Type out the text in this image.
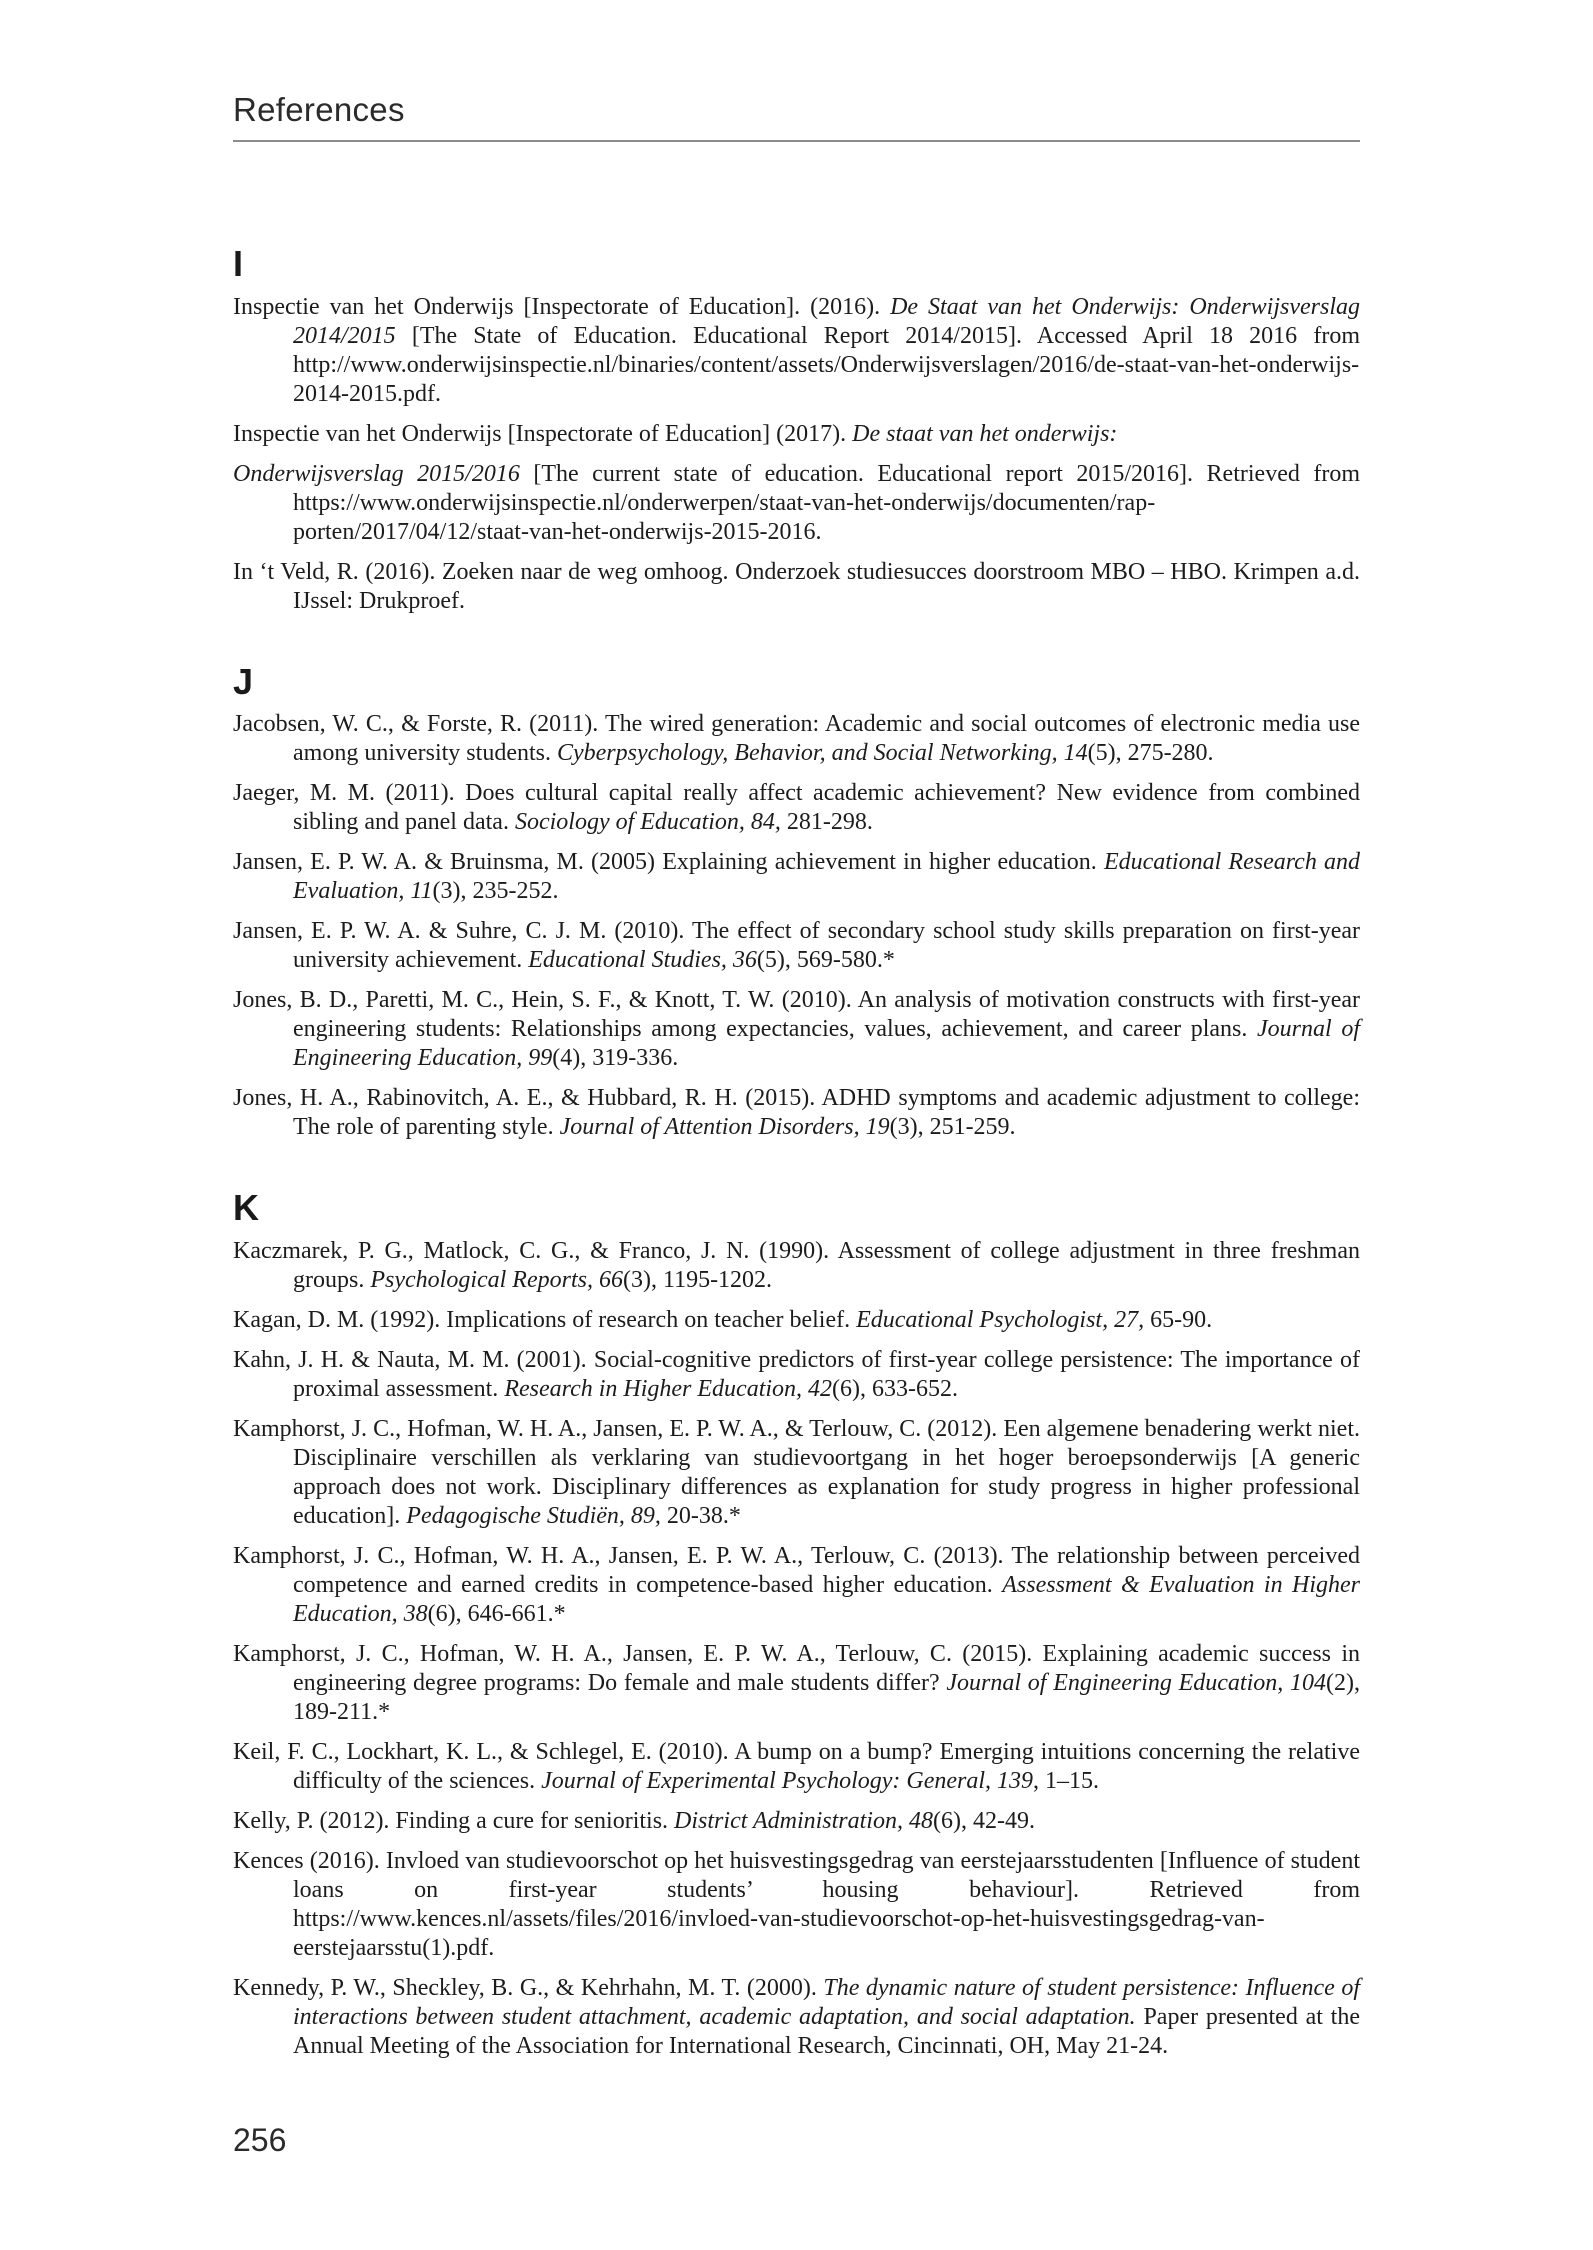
References
I

Inspectie van het Onderwijs [Inspectorate of Education]. (2016). De Staat van het Onderwijs: Onderwijsverslag 2014/2015 [The State of Education. Educational Report 2014/2015]. Accessed April 18 2016 from http://www.onderwijsinspectie.nl/binaries/content/assets/Onderwijsverslagen/2016/de-staat-van-het-onderwijs-2014-2015.pdf.

Inspectie van het Onderwijs [Inspectorate of Education] (2017). De staat van het onderwijs:

Onderwijsverslag 2015/2016 [The current state of education. Educational report 2015/2016]. Retrieved from https://www.onderwijsinspectie.nl/onderwerpen/staat-van-het-onderwijs/documenten/rap-porten/2017/04/12/staat-van-het-onderwijs-2015-2016.

In ‘t Veld, R. (2016). Zoeken naar de weg omhoog. Onderzoek studiesucces doorstroom MBO – HBO. Krimpen a.d. IJssel: Drukproef.

J

Jacobsen, W. C., & Forste, R. (2011). The wired generation: Academic and social outcomes of electronic media use among university students. Cyberpsychology, Behavior, and Social Networking, 14(5), 275-280.

Jaeger, M. M. (2011). Does cultural capital really affect academic achievement? New evidence from combined sibling and panel data. Sociology of Education, 84, 281-298.

Jansen, E. P. W. A. & Bruinsma, M. (2005) Explaining achievement in higher education. Educational Research and Evaluation, 11(3), 235-252.

Jansen, E. P. W. A. & Suhre, C. J. M. (2010). The effect of secondary school study skills preparation on first-year university achievement. Educational Studies, 36(5), 569-580.*

Jones, B. D., Paretti, M. C., Hein, S. F., & Knott, T. W. (2010). An analysis of motivation constructs with first-year engineering students: Relationships among expectancies, values, achievement, and career plans. Journal of Engineering Education, 99(4), 319-336.

Jones, H. A., Rabinovitch, A. E., & Hubbard, R. H. (2015). ADHD symptoms and academic adjustment to college: The role of parenting style. Journal of Attention Disorders, 19(3), 251-259.

K

Kaczmarek, P. G., Matlock, C. G., & Franco, J. N. (1990). Assessment of college adjustment in three freshman groups. Psychological Reports, 66(3), 1195-1202.

Kagan, D. M. (1992). Implications of research on teacher belief. Educational Psychologist, 27, 65-90.

Kahn, J. H. & Nauta, M. M. (2001). Social-cognitive predictors of first-year college persistence: The importance of proximal assessment. Research in Higher Education, 42(6), 633-652.

Kamphorst, J. C., Hofman, W. H. A., Jansen, E. P. W. A., & Terlouw, C. (2012). Een algemene benadering werkt niet. Disciplinaire verschillen als verklaring van studievoortgang in het hoger beroepsonderwijs [A generic approach does not work. Disciplinary differences as explanation for study progress in higher professional education]. Pedagogische Studiën, 89, 20-38.*

Kamphorst, J. C., Hofman, W. H. A., Jansen, E. P. W. A., Terlouw, C. (2013). The relationship between perceived competence and earned credits in competence-based higher education. Assessment & Evaluation in Higher Education, 38(6), 646-661.*

Kamphorst, J. C., Hofman, W. H. A., Jansen, E. P. W. A., Terlouw, C. (2015). Explaining academic success in engineering degree programs: Do female and male students differ? Journal of Engineering Education, 104(2), 189-211.*

Keil, F. C., Lockhart, K. L., & Schlegel, E. (2010). A bump on a bump? Emerging intuitions concerning the relative difficulty of the sciences. Journal of Experimental Psychology: General, 139, 1–15.

Kelly, P. (2012). Finding a cure for senioritis. District Administration, 48(6), 42-49.

Kences (2016). Invloed van studievoorschot op het huisvestingsgedrag van eerstejaarsstudenten [Influence of student loans on first-year students’ housing behaviour]. Retrieved from https://www.kences.nl/assets/files/2016/invloed-van-studievoorschot-op-het-huisvestingsgedrag-van-eerstejaarsstu(1).pdf.

Kennedy, P. W., Sheckley, B. G., & Kehrhahn, M. T. (2000). The dynamic nature of student persistence: Influence of interactions between student attachment, academic adaptation, and social adaptation. Paper presented at the Annual Meeting of the Association for International Research, Cincinnati, OH, May 21-24.

256
